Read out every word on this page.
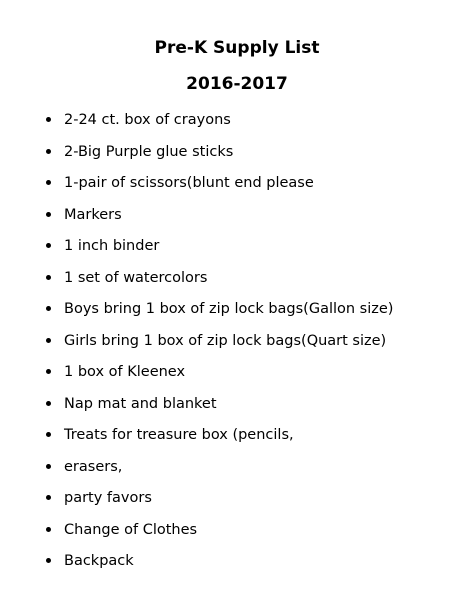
Pre-K Supply List
2016-2017
2-24 ct. box of crayons
2-Big Purple glue sticks
1-pair of scissors(blunt end please
Markers
1 inch binder
1 set of watercolors
Boys bring 1 box of zip lock bags(Gallon size)
Girls bring 1 box of zip lock bags(Quart size)
1 box of Kleenex
Nap mat and blanket
Treats for treasure box (pencils,
erasers,
party favors
Change of Clothes
Backpack
